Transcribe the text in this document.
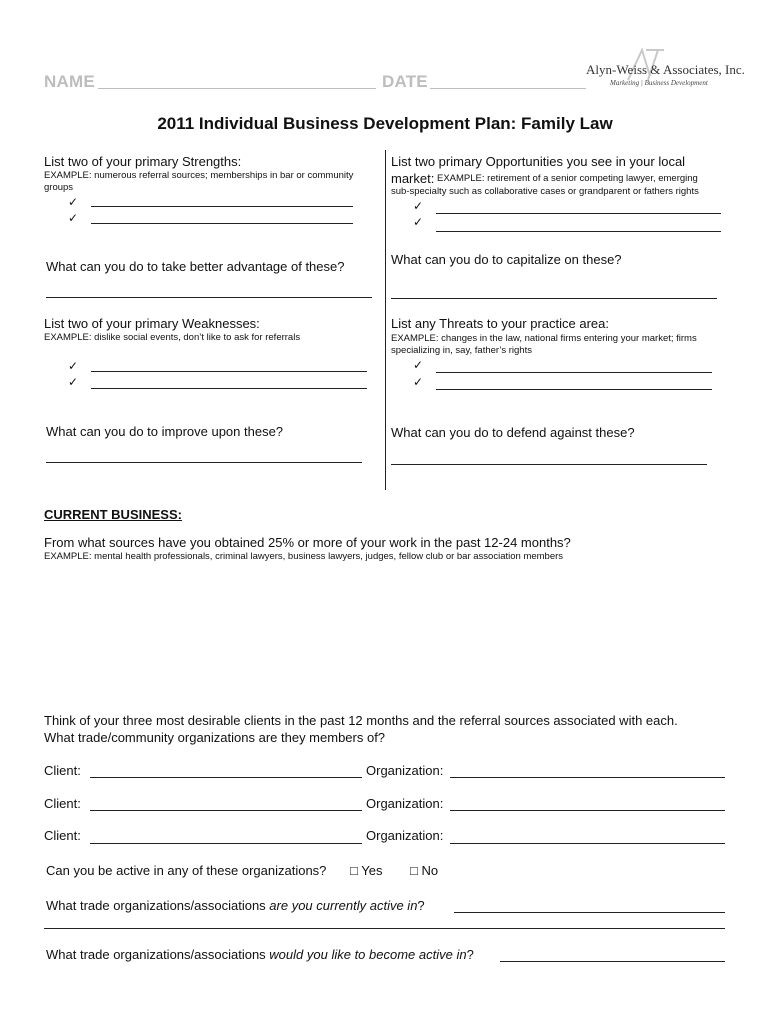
NAME	DATE
Alyn-Weiss & Associates, Inc.
Marketing | Business Development
2011 Individual Business Development Plan: Family Law
List two of your primary Strengths:
EXAMPLE: numerous referral sources; memberships in bar or community groups
✓
✓
List two primary Opportunities you see in your local
market: EXAMPLE: retirement of a senior competing lawyer, emerging
sub-specialty such as collaborative cases or grandparent or fathers rights
✓
✓
What can you do to take better advantage of these?	What can you do to capitalize on these?
List two of your primary Weaknesses:
EXAMPLE: dislike social events, don’t like to ask for referrals
✓
✓
List any Threats to your practice area:
EXAMPLE: changes in the law, national firms entering your market; firms
specializing in, say, father’s rights
✓
✓
What can you do to improve upon these?	What can you do to defend against these?
CURRENT BUSINESS:
From what sources have you obtained 25% or more of your work in the past 12-24 months?
EXAMPLE: mental health professionals, criminal lawyers, business lawyers, judges, fellow club or bar association members
Think of your three most desirable clients in the past 12 months and the referral sources associated with each.
What trade/community organizations are they members of?
Client:	Organization:
Client:	Organization:
Client:	Organization:
Can you be active in any of these organizations? □ Yes □ No
What trade organizations/associations are you currently active in?
What trade organizations/associations would you like to become active in?
